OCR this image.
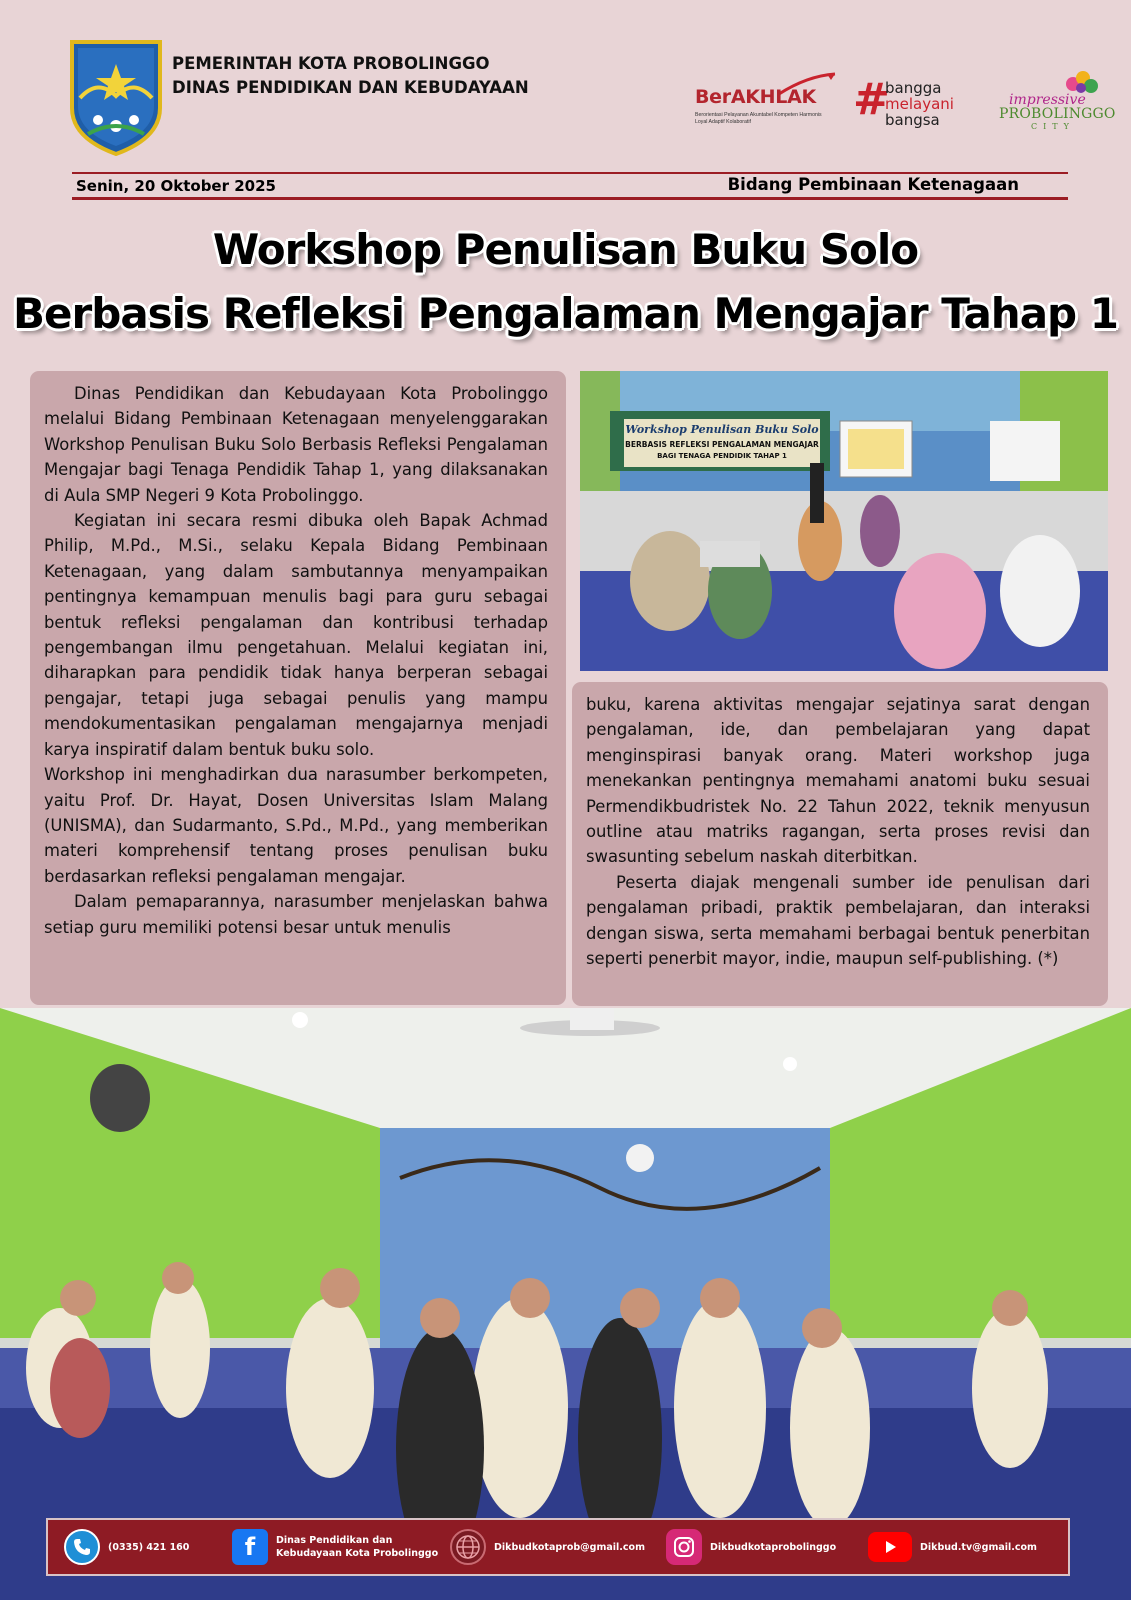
PEMERINTAH KOTA PROBOLINGGO
DINAS PENDIDIKAN DAN KEBUDAYAAN	BerAKHLAK
Berorientasi Pelayanan Akuntabel Kompeten Harmonis Loyal Adaptif Kolaboratif	#
bangga
melayani
bangsa
impressive
PROBOLINGGO
CITY
Senin, 20 Oktober 2025	Bidang Pembinaan Ketenagaan
Workshop Penulisan Buku Solo
Berbasis Refleksi Pengalaman Mengajar Tahap 1

Dinas Pendidikan dan Kebudayaan Kota Probolinggo melalui Bidang Pembinaan Ketenagaan menyelenggarakan Workshop Penulisan Buku Solo Berbasis Refleksi Pengalaman Mengajar bagi Tenaga Pendidik Tahap 1, yang dilaksanakan di Aula SMP Negeri 9 Kota Probolinggo.

Kegiatan ini secara resmi dibuka oleh Bapak Achmad Philip, M.Pd., M.Si., selaku Kepala Bidang Pembinaan Ketenagaan, yang dalam sambutannya menyampaikan pentingnya kemampuan menulis bagi para guru sebagai bentuk refleksi pengalaman dan kontribusi terhadap pengembangan ilmu pengetahuan. Melalui kegiatan ini, diharapkan para pendidik tidak hanya berperan sebagai pengajar, tetapi juga sebagai penulis yang mampu mendokumentasikan pengalaman mengajarnya menjadi karya inspiratif dalam bentuk buku solo.

Workshop ini menghadirkan dua narasumber berkompeten, yaitu Prof. Dr. Hayat, Dosen Universitas Islam Malang (UNISMA), dan Sudarmanto, S.Pd., M.Pd., yang memberikan materi komprehensif tentang proses penulisan buku berdasarkan refleksi pengalaman mengajar.

Dalam pemaparannya, narasumber menjelaskan bahwa setiap guru memiliki potensi besar untuk menulis

Workshop Penulisan Buku Solo
BERBASIS REFLEKSI PENGALAMAN MENGAJAR
BAGI TENAGA PENDIDIK TAHAP 1

buku, karena aktivitas mengajar sejatinya sarat dengan pengalaman, ide, dan pembelajaran yang dapat menginspirasi banyak orang. Materi workshop juga menekankan pentingnya memahami anatomi buku sesuai Permendikbudristek No. 22 Tahun 2022, teknik menyusun outline atau matriks ragangan, serta proses revisi dan swasunting sebelum naskah diterbitkan.

Peserta diajak mengenali sumber ide penulisan dari pengalaman pribadi, praktik pembelajaran, dan interaksi dengan siswa, serta memahami berbagai bentuk penerbitan seperti penerbit mayor, indie, maupun self-publishing. (*)

(0335) 421 160 f Dinas Pendidikan dan
Kebudayaan Kota Probolinggo
Dikbudkotaprob@gmail.com	Dikbudkotaprobolinggo	Dikbud.tv@gmail.com
